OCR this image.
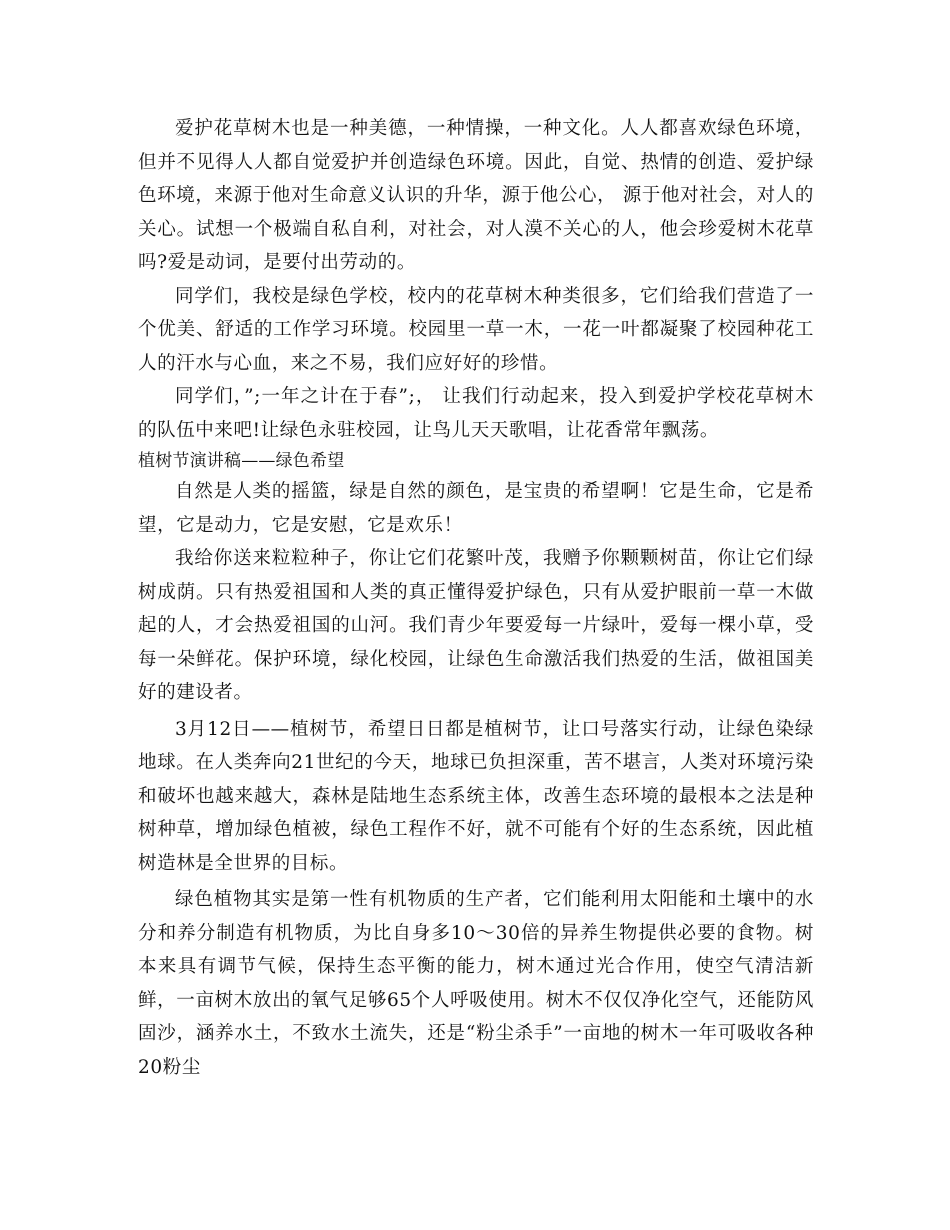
爱护花草树木也是一种美德，一种情操，一种文化。人人都喜欢绿色环境，但并不见得人人都自觉爱护并创造绿色环境。因此，自觉、热情的创造、爱护绿色环境，来源于他对生命意义认识的升华，源于他公心， 源于他对社会，对人的关心。试想一个极端自私自利，对社会，对人漠不关心的人，他会珍爱树木花草吗?爱是动词，是要付出劳动的。

同学们，我校是绿色学校，校内的花草树木种类很多，它们给我们营造了一个优美、舒适的工作学习环境。校园里一草一木，一花一叶都凝聚了校园种花工人的汗水与心血，来之不易，我们应好好的珍惜。

同学们，”;一年之计在于春”;， 让我们行动起来，投入到爱护学校花草树木的队伍中来吧!让绿色永驻校园，让鸟儿天天歌唱，让花香常年飘荡。

植树节演讲稿——绿色希望

自然是人类的摇篮，绿是自然的颜色，是宝贵的希望啊！它是生命，它是希望，它是动力，它是安慰，它是欢乐！

我给你送来粒粒种子，你让它们花繁叶茂，我赠予你颗颗树苗，你让它们绿树成荫。只有热爱祖国和人类的真正懂得爱护绿色，只有从爱护眼前一草一木做起的人，才会热爱祖国的山河。我们青少年要爱每一片绿叶，爱每一棵小草，受每一朵鲜花。保护环境，绿化校园，让绿色生命激活我们热爱的生活，做祖国美好的建设者。

3月12日——植树节，希望日日都是植树节，让口号落实行动，让绿色染绿地球。在人类奔向21世纪的今天，地球已负担深重，苦不堪言，人类对环境污染和破坏也越来越大，森林是陆地生态系统主体，改善生态环境的最根本之法是种树种草，增加绿色植被，绿色工程作不好，就不可能有个好的生态系统，因此植树造林是全世界的目标。

绿色植物其实是第一性有机物质的生产者，它们能利用太阳能和土壤中的水分和养分制造有机物质，为比自身多10～30倍的异养生物提供必要的食物。树本来具有调节气候，保持生态平衡的能力，树木通过光合作用，使空气清洁新鲜，一亩树木放出的氧气足够65个人呼吸使用。树木不仅仅净化空气，还能防风固沙，涵养水土，不致水土流失，还是“粉尘杀手”一亩地的树木一年可吸收各种20粉尘
